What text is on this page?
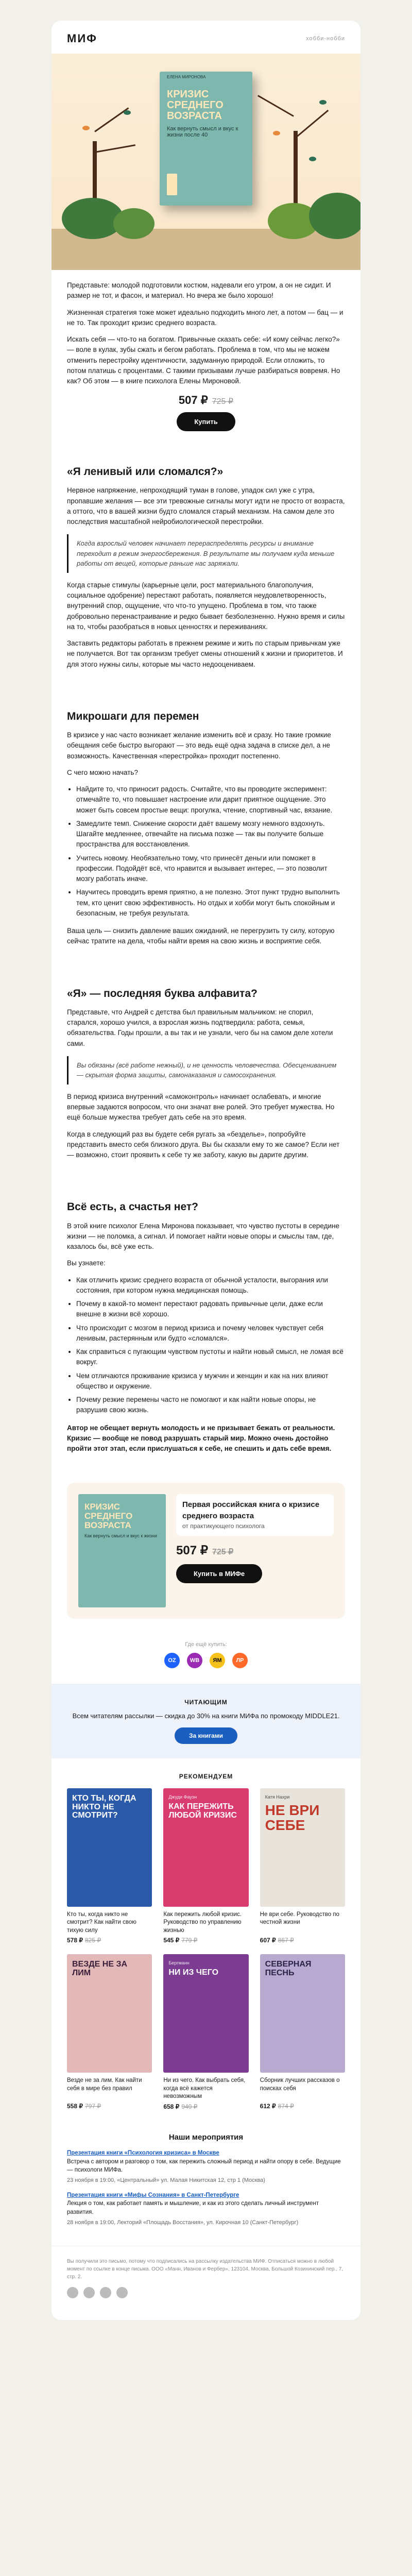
МИФ	хобби-нобби
ЕЛЕНА МИРОНОВА
КРИЗИС СРЕДНЕГО ВОЗРАСТА
Как вернуть смысл и вкус к жизни после 40

Представьте: молодой подготовили костюм, надевали его утром, а он не сидит. И размер не тот, и фасон, и материал. Но вчера же было хорошо!

Жизненная стратегия тоже может идеально подходить много лет, а потом — бац — и не то. Так проходит кризис среднего возраста.

Искать себя — что-то на богатом. Привычные сказать себе: «И кому сейчас легко?» — воле в кулак, зубы сжать и бегом работать. Проблема в том, что мы не можем отменить перестройку идентичности, задуманную природой. Если отложить, то потом платишь с процентами. С такими призывами лучше разбираться вовремя. Но как? Об этом — в книге психолога Елены Мироновой.

507 ₽ 725 ₽
Купить
«Я ленивый или сломался?»

Нервное напряжение, непроходящий туман в голове, упадок сил уже с утра, пропавшие желания — все эти тревожные сигналы могут идти не просто от возраста, а оттого, что в вашей жизни будто сломался старый механизм. На самом деле это последствия масштабной нейробиологической перестройки.

Когда взрослый человек начинает перераспределять ресурсы и внимание переходит в режим энергосбережения. В результате мы получаем куда меньше работы от вещей, которые раньше нас заряжали.

Когда старые стимулы (карьерные цели, рост материального благополучия, социальное одобрение) перестают работать, появляется неудовлетворенность, внутренний спор, ощущение, что что-то упущено. Проблема в том, что также добровольно перенастраивание и редко бывает безболезненно. Нужно время и силы на то, чтобы разобраться в новых ценностях и переживаниях.

Заставить редакторы работать в прежнем режиме и жить по старым привычкам уже не получается. Вот так организм требует смены отношений к жизни и приоритетов. И для этого нужны силы, которые мы часто недооцениваем.

Микрошаги для перемен

В кризисе у нас часто возникает желание изменить всё и сразу. Но такие громкие обещания себе быстро выгорают — это ведь ещё одна задача в списке дел, а не возможность. Качественная «перестройка» проходит постепенно.

С чего можно начать?

• Найдите то, что приносит радость. Считайте, что вы проводите эксперимент: отмечайте то, что повышает настроение или дарит приятное ощущение. Это может быть совсем простые вещи: прогулка, чтение, спортивный час, вязание.
• Замедлите темп. Снижение скорости даёт вашему мозгу немного вздохнуть. Шагайте медленнее, отвечайте на письма позже — так вы получите больше пространства для восстановления.
• Учитесь новому. Необязательно тому, что принесёт деньги или поможет в профессии. Подойдёт всё, что нравится и вызывает интерес, — это позволит мозгу работать иначе.
• Научитесь проводить время приятно, а не полезно. Этот пункт трудно выполнить тем, кто ценит свою эффективность. Но отдых и хобби могут быть спокойным и безопасным, не требуя результата.

Ваша цель — снизить давление ваших ожиданий, не перегрузить ту силу, которую сейчас тратите на дела, чтобы найти время на свою жизнь и восприятие себя.

«Я» — последняя буква алфавита?

Представьте, что Андрей с детства был правильным мальчиком: не спорил, старался, хорошо учился, а взрослая жизнь подтвердила: работа, семья, обязательства. Годы прошли, а вы так и не узнали, чего бы на самом деле хотели сами.

Вы обязаны (всё работе нежный), и не ценность человечества. Обесцениванием — скрытая форма защиты, самонаказания и самосохранения.

В период кризиса внутренний «самоконтроль» начинает ослабевать, и многие впервые задаются вопросом, что они значат вне ролей. Это требует мужества. Но ещё больше мужества требует дать себе на это время.

Когда в следующий раз вы будете себя ругать за «безделье», попробуйте представить вместо себя близкого друга. Вы бы сказали ему то же самое? Если нет — возможно, стоит проявить к себе ту же заботу, какую вы дарите другим.

Всё есть, а счастья нет?

В этой книге психолог Елена Миронова показывает, что чувство пустоты в середине жизни — не поломка, а сигнал. И помогает найти новые опоры и смыслы там, где, казалось бы, всё уже есть.

Вы узнаете:

• Как отличить кризис среднего возраста от обычной усталости, выгорания или состояния, при котором нужна медицинская помощь.
• Почему в какой-то момент перестают радовать привычные цели, даже если внешне в жизни всё хорошо.
• Что происходит с мозгом в период кризиса и почему человек чувствует себя ленивым, растерянным или будто «сломался».
• Как справиться с пугающим чувством пустоты и найти новый смысл, не ломая всё вокруг.
• Чем отличаются проживание кризиса у мужчин и женщин и как на них влияют общество и окружение.
• Почему резкие перемены часто не помогают и как найти новые опоры, не разрушив свою жизнь.

Автор не обещает вернуть молодость и не призывает бежать от реальности. Кризис — вообще не повод разрушать старый мир. Можно очень достойно пройти этот этап, если прислушаться к себе, не спешить и дать себе время.

КРИЗИС СРЕДНЕГО ВОЗРАСТА
Как вернуть смысл и вкус к жизни
Первая российская книга о кризисе среднего возраста
от практикующего психолога
507 ₽ 725 ₽
Купить в МИФе
Где ещё купить:
OZ	WB	ЯМ	ЛР
ЧИТАЮЩИМ

Всем читателям рассылки — скидка до 30% на книги МИФа по промокоду MIDDLE21.

За книгами
РЕКОМЕНДУЕМ
КТО ТЫ, КОГДА НИКТО НЕ СМОТРИТ?
Кто ты, когда никто не смотрит? Как найти свою тихую силу
578 ₽ 825 ₽
Джуди Фауэн
КАК ПЕРЕЖИТЬ ЛЮБОЙ КРИЗИС
Как пережить любой кризис. Руководство по управлению жизнью
545 ₽ 779 ₽
Катя Нахри
НЕ ВРИ СЕБЕ
Не ври себе. Руководство по честной жизни
607 ₽ 867 ₽
ВЕЗДЕ НЕ ЗА ЛИМ
Везде не за лим. Как найти себя в мире без правил
558 ₽ 797 ₽
Бергманн
НИ ИЗ ЧЕГО
Ни из чего. Как выбрать себя, когда всё кажется невозможным
658 ₽ 940 ₽
СЕВЕРНАЯ ПЕСНЬ
Сборник лучших рассказов о поисках себя
612 ₽ 874 ₽
Наши мероприятия
Презентация книги «Психология кризиса» в Москве
Встреча с автором и разговор о том, как пережить сложный период и найти опору в себе. Ведущие — психологи МИФа.
23 ноября в 19:00, «Центральный» ул. Малая Никитская 12, стр 1 (Москва)
Презентация книги «Мифы Сознания» в Санкт-Петербурге
Лекция о том, как работает память и мышление, и как из этого сделать личный инструмент развития.
28 ноября в 19:00, Лекторий «Площадь Восстания», ул. Кирочная 10 (Санкт-Петербург)
Вы получили это письмо, потому что подписались на рассылку издательства МИФ. Отписаться можно в любой момент по ссылке в конце письма. ООО «Манн, Иванов и Фербер», 123104, Москва, Большой Козихинский пер., 7, стр. 2.
